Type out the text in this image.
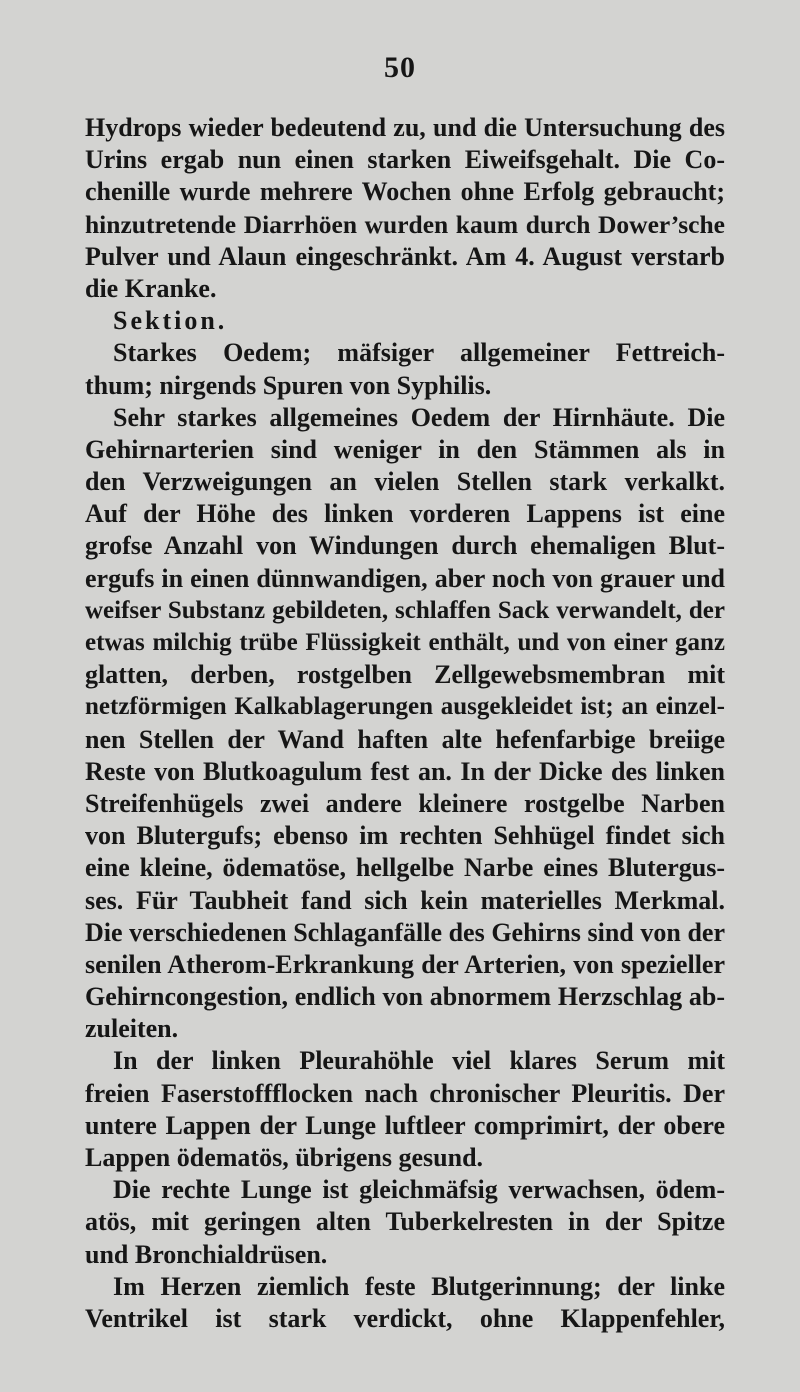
50
Hydrops wieder bedeutend zu, und die Untersuchung des
Urins ergab nun einen starken Eiweifsgehalt. Die Co-
chenille wurde mehrere Wochen ohne Erfolg gebraucht;
hinzutretende Diarrhöen wurden kaum durch Dower’sche
Pulver und Alaun eingeschränkt. Am 4. August verstarb
die Kranke.
Sektion.
Starkes Oedem; mäfsiger allgemeiner Fettreich-
thum; nirgends Spuren von Syphilis.
Sehr starkes allgemeines Oedem der Hirnhäute. Die
Gehirnarterien sind weniger in den Stämmen als in
den Verzweigungen an vielen Stellen stark verkalkt.
Auf der Höhe des linken vorderen Lappens ist eine
grofse Anzahl von Windungen durch ehemaligen Blut-
ergufs in einen dünnwandigen, aber noch von grauer und
weifser Substanz gebildeten, schlaffen Sack verwandelt, der
etwas milchig trübe Flüssigkeit enthält, und von einer ganz
glatten, derben, rostgelben Zellgewebsmembran mit
netzförmigen Kalkablagerungen ausgekleidet ist; an einzel-
nen Stellen der Wand haften alte hefenfarbige breiige
Reste von Blutkoagulum fest an. In der Dicke des linken
Streifenhügels zwei andere kleinere rostgelbe Narben
von Blutergufs; ebenso im rechten Sehhügel findet sich
eine kleine, ödematöse, hellgelbe Narbe eines Blutergus-
ses. Für Taubheit fand sich kein materielles Merkmal.
Die verschiedenen Schlaganfälle des Gehirns sind von der
senilen Atherom-Erkrankung der Arterien, von spezieller
Gehirncongestion, endlich von abnormem Herzschlag ab-
zuleiten.
In der linken Pleurahöhle viel klares Serum mit
freien Faserstoffflocken nach chronischer Pleuritis. Der
untere Lappen der Lunge luftleer comprimirt, der obere
Lappen ödematös, übrigens gesund.
Die rechte Lunge ist gleichmäfsig verwachsen, ödem-
atös, mit geringen alten Tuberkelresten in der Spitze
und Bronchialdrüsen.
Im Herzen ziemlich feste Blutgerinnung; der linke
Ventrikel ist stark verdickt, ohne Klappenfehler,
